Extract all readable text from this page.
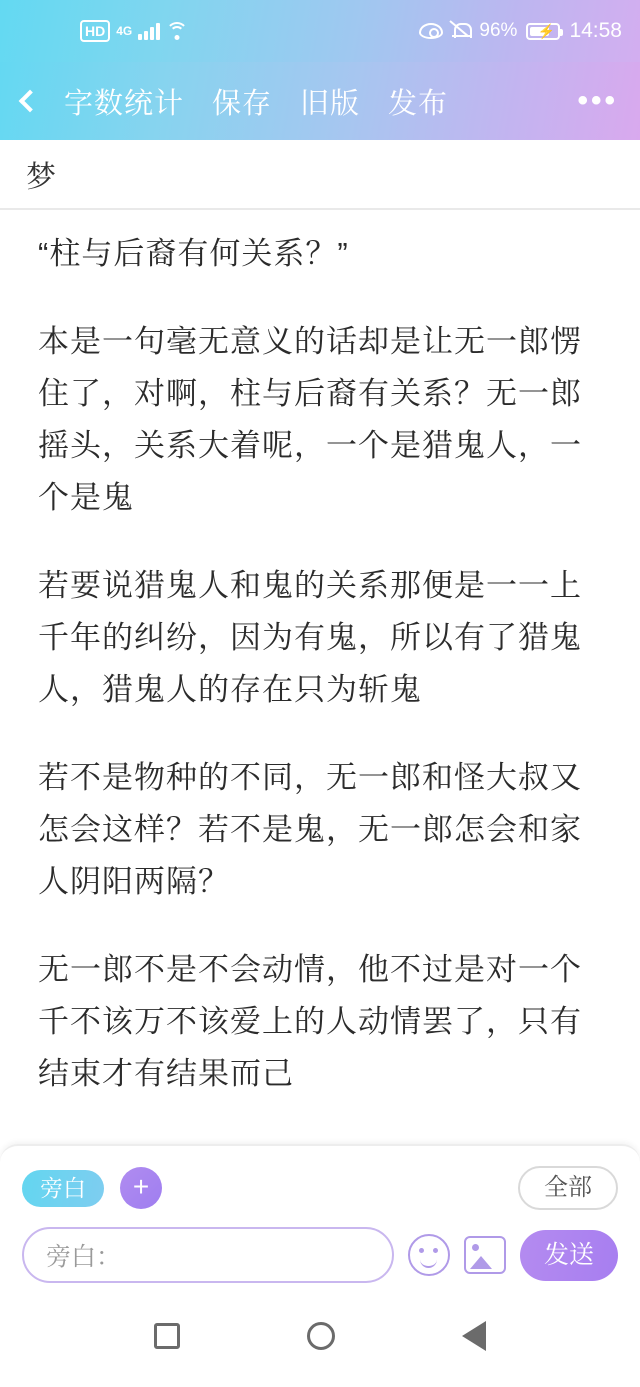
HD 4G	96% ⚡ 14:58
字数统计 保存 旧版 发布	•••
梦

“柱与后裔有何关系？”

本是一句毫无意义的话却是让无一郎愣住了，对啊，柱与后裔有关系？无一郎摇头，关系大着呢，一个是猎鬼人，一个是鬼

若要说猎鬼人和鬼的关系那便是一一上千年的纠纷，因为有鬼，所以有了猎鬼人，猎鬼人的存在只为斩鬼

若不是物种的不同，无一郎和怪大叔又怎会这样？若不是鬼，无一郎怎会和家人阴阳两隔？

无一郎不是不会动情，他不过是对一个千不该万不该爱上的人动情罢了，只有结束才有结果而己

旁白	+	全部
旁白：	发送
